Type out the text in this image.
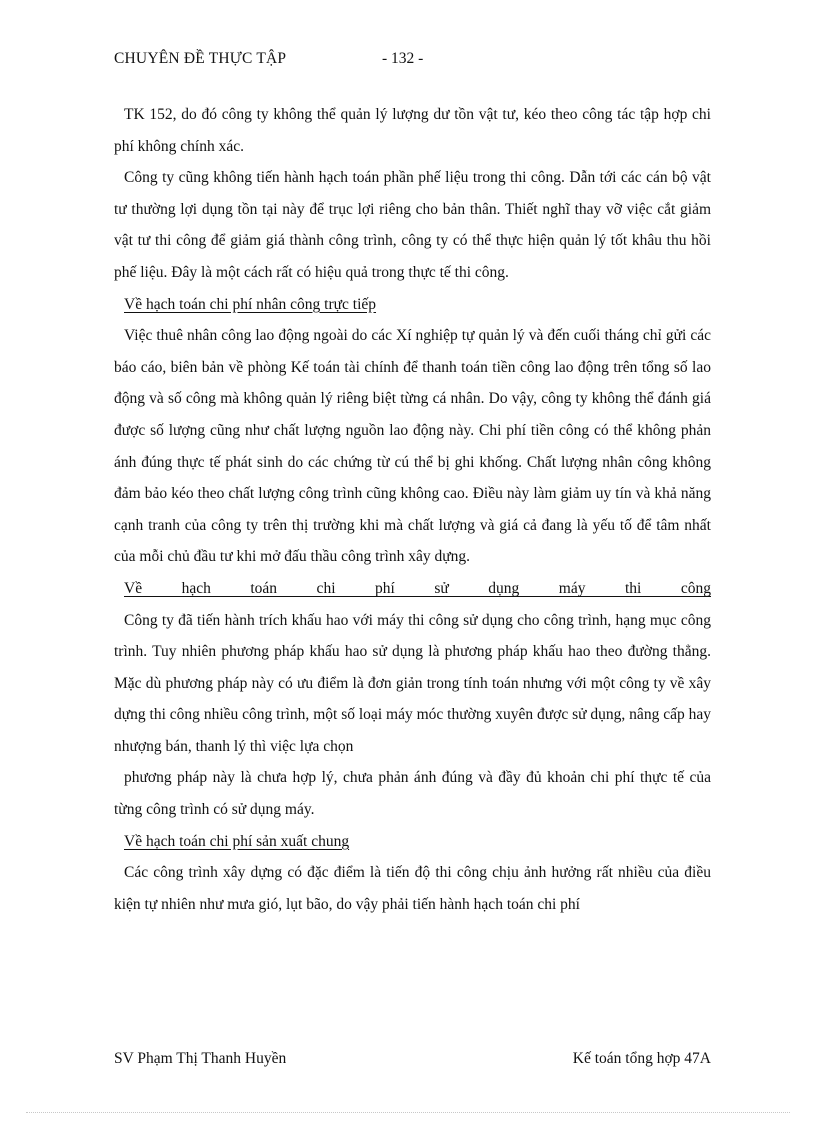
CHUYÊN ĐỀ THỰC TẬP	- 132 -

TK 152, do đó công ty không thể quản lý lượng dư tồn vật tư, kéo theo công tác tập hợp chi phí không chính xác.

Công ty cũng không tiến hành hạch toán phần phế liệu trong thi công. Dẫn tới các cán bộ vật tư thường lợi dụng tồn tại này để trục lợi riêng cho bản thân. Thiết nghĩ thay vỡ việc cắt giảm vật tư thi công để giảm giá thành công trình, công ty có thể thực hiện quản lý tốt khâu thu hồi phế liệu. Đây là một cách rất có hiệu quả trong thực tế thi công.

Về hạch toán chi phí nhân công trực tiếp

Việc thuê nhân công lao động ngoài do các Xí nghiệp tự quản lý và đến cuối tháng chỉ gửi các báo cáo, biên bản về phòng Kế toán tài chính để thanh toán tiền công lao động trên tổng số lao động và số công mà không quản lý riêng biệt từng cá nhân. Do vậy, công ty không thể đánh giá được số lượng cũng như chất lượng nguồn lao động này. Chi phí tiền công có thể không phản ánh đúng thực tế phát sinh do các chứng từ cú thể bị ghi khống. Chất lượng nhân công không đảm bảo kéo theo chất lượng công trình cũng không cao. Điều này làm giảm uy tín và khả năng cạnh tranh của công ty trên thị trường khi mà chất lượng và giá cả đang là yếu tố để tâm nhất của mỗi chủ đầu tư khi mở đấu thầu công trình xây dựng.

Về hạch toán chi phí sử dụng máy thi công

Công ty đã tiến hành trích khấu hao với máy thi công sử dụng cho công trình, hạng mục công trình. Tuy nhiên phương pháp khấu hao sử dụng là phương pháp khấu hao theo đường thẳng. Mặc dù phương pháp này có ưu điểm là đơn giản trong tính toán nhưng với một công ty về xây dựng thi công nhiều công trình, một số loại máy móc thường xuyên được sử dụng, nâng cấp hay nhượng bán, thanh lý thì việc lựa chọn

phương pháp này là chưa hợp lý, chưa phản ánh đúng và đầy đủ khoản chi phí thực tế của từng công trình có sử dụng máy.

Về hạch toán chi phí sản xuất chung

Các công trình xây dựng có đặc điểm là tiến độ thi công chịu ảnh hưởng rất nhiều của điều kiện tự nhiên như mưa gió, lụt bão, do vậy phải tiến hành hạch toán chi phí

SV Phạm Thị Thanh Huyền	Kế toán tổng hợp 47A
